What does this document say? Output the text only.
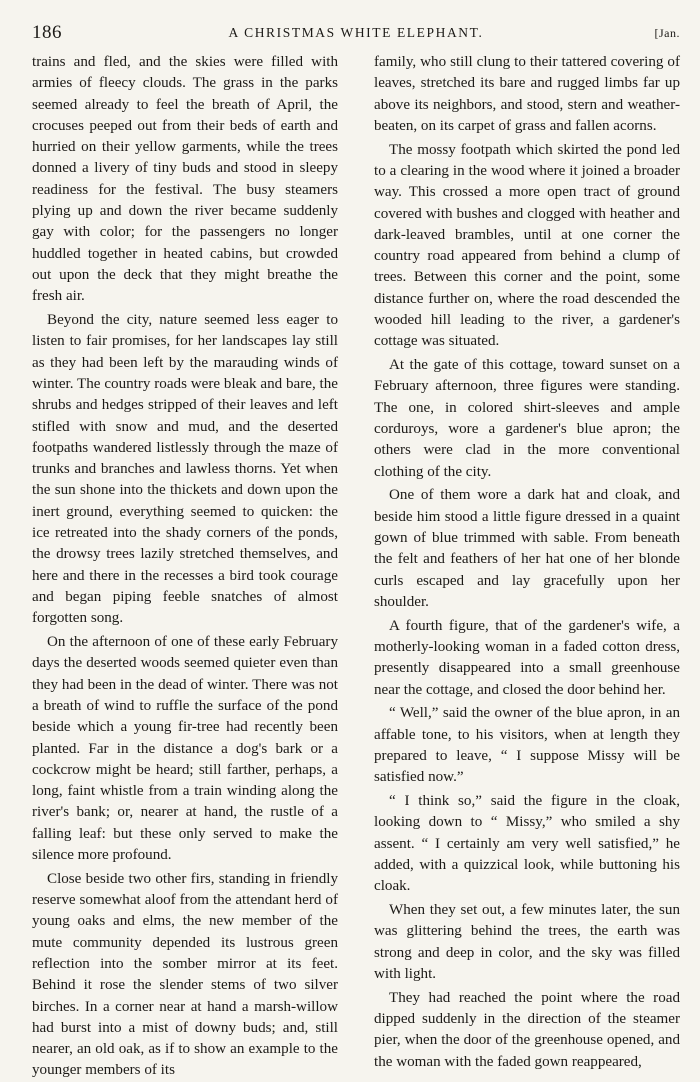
186	A CHRISTMAS WHITE ELEPHANT.	[Jan.

trains and fled, and the skies were filled with armies of fleecy clouds. The grass in the parks seemed already to feel the breath of April, the crocuses peeped out from their beds of earth and hurried on their yellow garments, while the trees donned a livery of tiny buds and stood in sleepy readiness for the festival. The busy steamers plying up and down the river became suddenly gay with color; for the passengers no longer huddled together in heated cabins, but crowded out upon the deck that they might breathe the fresh air.

Beyond the city, nature seemed less eager to listen to fair promises, for her landscapes lay still as they had been left by the marauding winds of winter. The country roads were bleak and bare, the shrubs and hedges stripped of their leaves and left stifled with snow and mud, and the deserted footpaths wandered listlessly through the maze of trunks and branches and lawless thorns. Yet when the sun shone into the thickets and down upon the inert ground, everything seemed to quicken: the ice retreated into the shady corners of the ponds, the drowsy trees lazily stretched themselves, and here and there in the recesses a bird took courage and began piping feeble snatches of almost forgotten song.

On the afternoon of one of these early February days the deserted woods seemed quieter even than they had been in the dead of winter. There was not a breath of wind to ruffle the surface of the pond beside which a young fir-tree had recently been planted. Far in the distance a dog's bark or a cockcrow might be heard; still farther, perhaps, a long, faint whistle from a train winding along the river's bank; or, nearer at hand, the rustle of a falling leaf: but these only served to make the silence more profound.

Close beside two other firs, standing in friendly reserve somewhat aloof from the attendant herd of young oaks and elms, the new member of the mute community depended its lustrous green reflection into the somber mirror at its feet. Behind it rose the slender stems of two silver birches. In a corner near at hand a marsh-willow had burst into a mist of downy buds; and, still nearer, an old oak, as if to show an example to the younger members of its

family, who still clung to their tattered covering of leaves, stretched its bare and rugged limbs far up above its neighbors, and stood, stern and weather-beaten, on its carpet of grass and fallen acorns.

The mossy footpath which skirted the pond led to a clearing in the wood where it joined a broader way. This crossed a more open tract of ground covered with bushes and clogged with heather and dark-leaved brambles, until at one corner the country road appeared from behind a clump of trees. Between this corner and the point, some distance further on, where the road descended the wooded hill leading to the river, a gardener's cottage was situated.

At the gate of this cottage, toward sunset on a February afternoon, three figures were standing. The one, in colored shirt-sleeves and ample corduroys, wore a gardener's blue apron; the others were clad in the more conventional clothing of the city.

One of them wore a dark hat and cloak, and beside him stood a little figure dressed in a quaint gown of blue trimmed with sable. From beneath the felt and feathers of her hat one of her blonde curls escaped and lay gracefully upon her shoulder.

A fourth figure, that of the gardener's wife, a motherly-looking woman in a faded cotton dress, presently disappeared into a small greenhouse near the cottage, and closed the door behind her.

“ Well,” said the owner of the blue apron, in an affable tone, to his visitors, when at length they prepared to leave, “ I suppose Missy will be satisfied now.”

“ I think so,” said the figure in the cloak, looking down to “ Missy,” who smiled a shy assent. “ I certainly am very well satisfied,” he added, with a quizzical look, while buttoning his cloak.

When they set out, a few minutes later, the sun was glittering behind the trees, the earth was strong and deep in color, and the sky was filled with light.

They had reached the point where the road dipped suddenly in the direction of the steamer pier, when the door of the greenhouse opened, and the woman with the faded gown reappeared,
